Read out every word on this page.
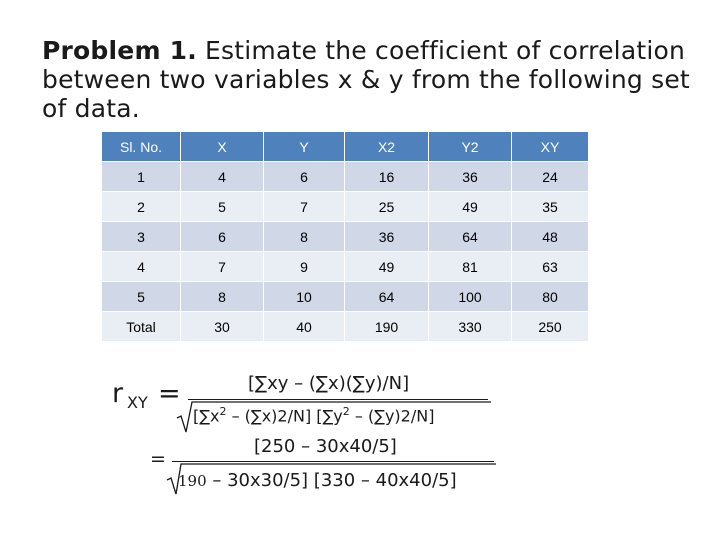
Problem 1. Estimate the coefficient of correlation between two variables x & y from the following set of data.
Sl. No.	X	Y	X2	Y2	XY
1	4	6	16	36	24
2	5	7	25	49	35
3	6	8	36	64	48
4	7	9	49	81	63
5	8	10	64	100	80
Total	30	40	190	330	250
r XY =	[∑xy – (∑x)(∑y)/N]
$[\sum x^2 - (\sum x)2/N]$ $[\sum y^2 - (\sum y)2/N]$
=
[250 – 30x40/5]
190 – 30x30/5] [330 – 40x40/5]
